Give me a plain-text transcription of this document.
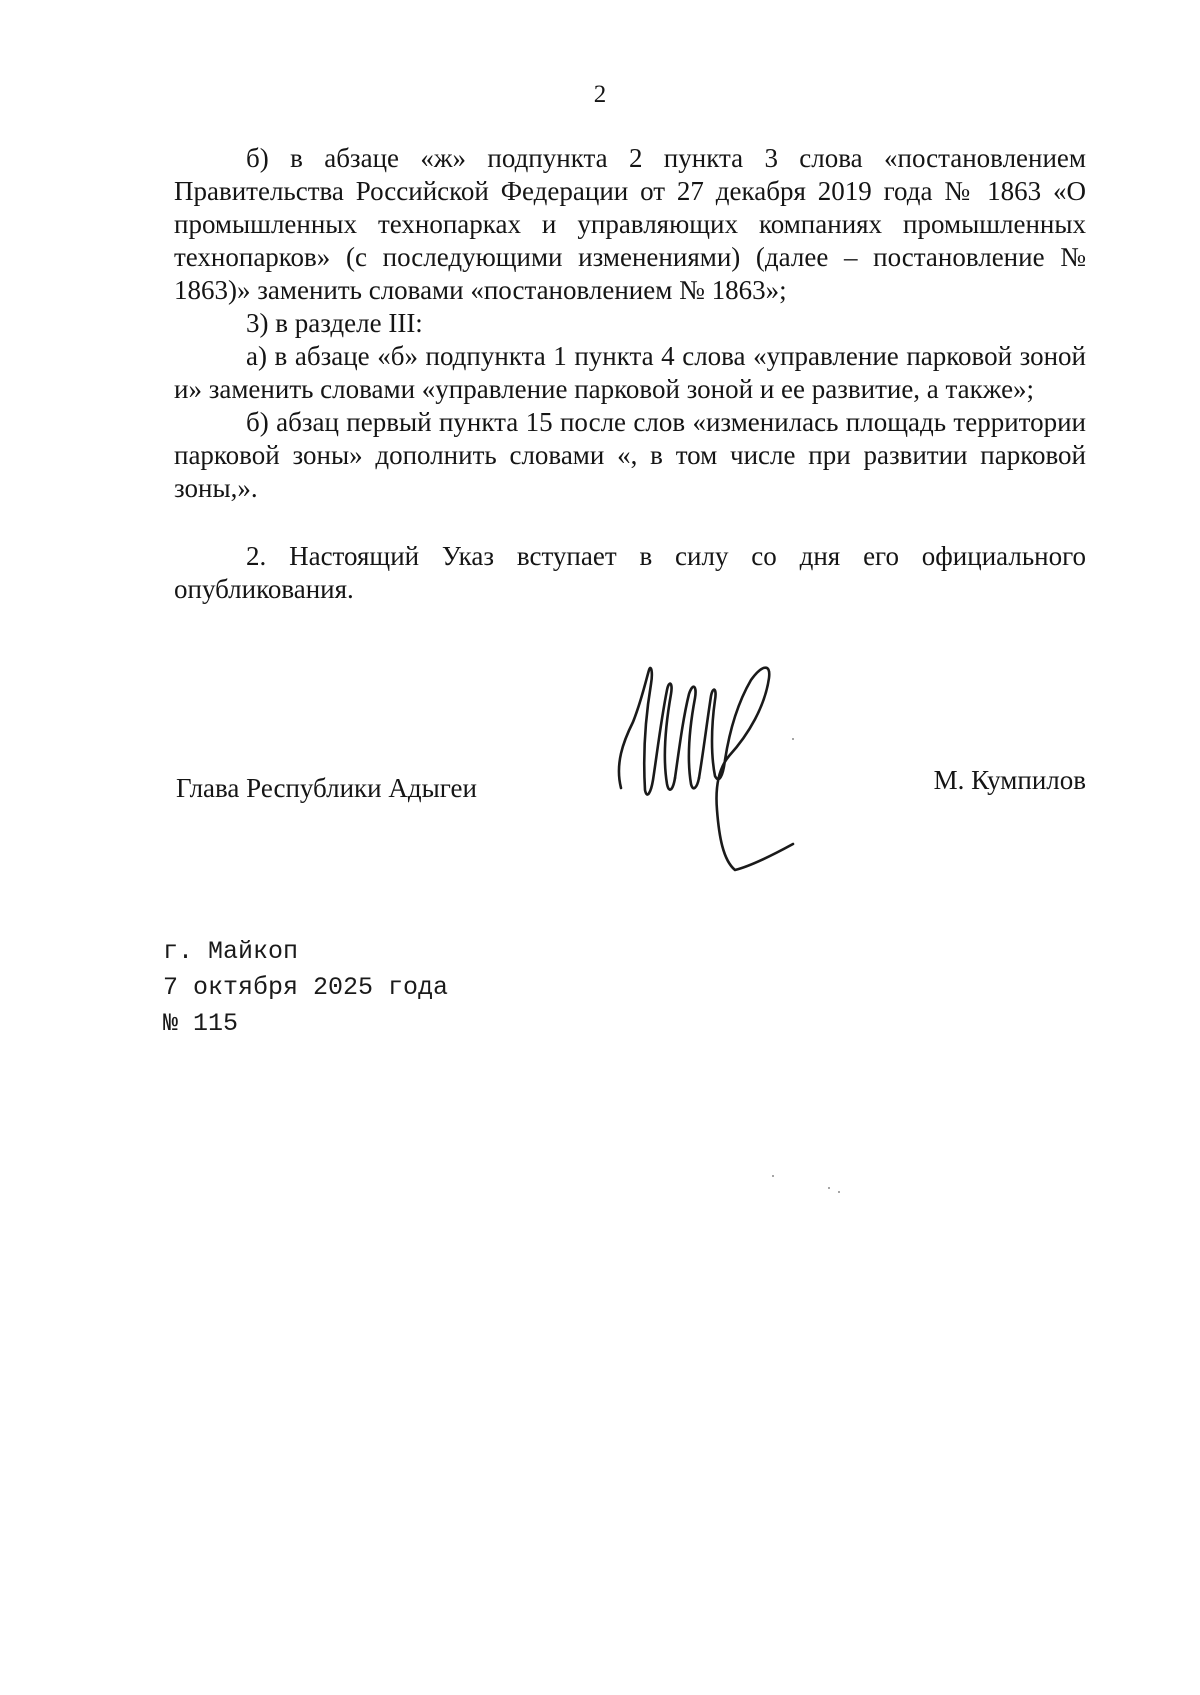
2

б) в абзаце «ж» подпункта 2 пункта 3 слова «постановлением Правительства Российской Федерации от 27 декабря 2019 года № 1863 «О промышленных технопарках и управляющих компаниях промышленных технопарков» (с последующими изменениями) (далее – постановление № 1863)» заменить словами «постановлением № 1863»;

3) в разделе III:

а) в абзаце «б» подпункта 1 пункта 4 слова «управление парковой зоной и» заменить словами «управление парковой зоной и ее развитие, а также»;

б) абзац первый пункта 15 после слов «изменилась площадь территории парковой зоны» дополнить словами «, в том числе при развитии парковой зоны,».

2. Настоящий Указ вступает в силу со дня его официального опубликования.

Глава Республики Адыгеи	М. Кумпилов
г. Майкоп
7 октября 2025 года
№ 115
